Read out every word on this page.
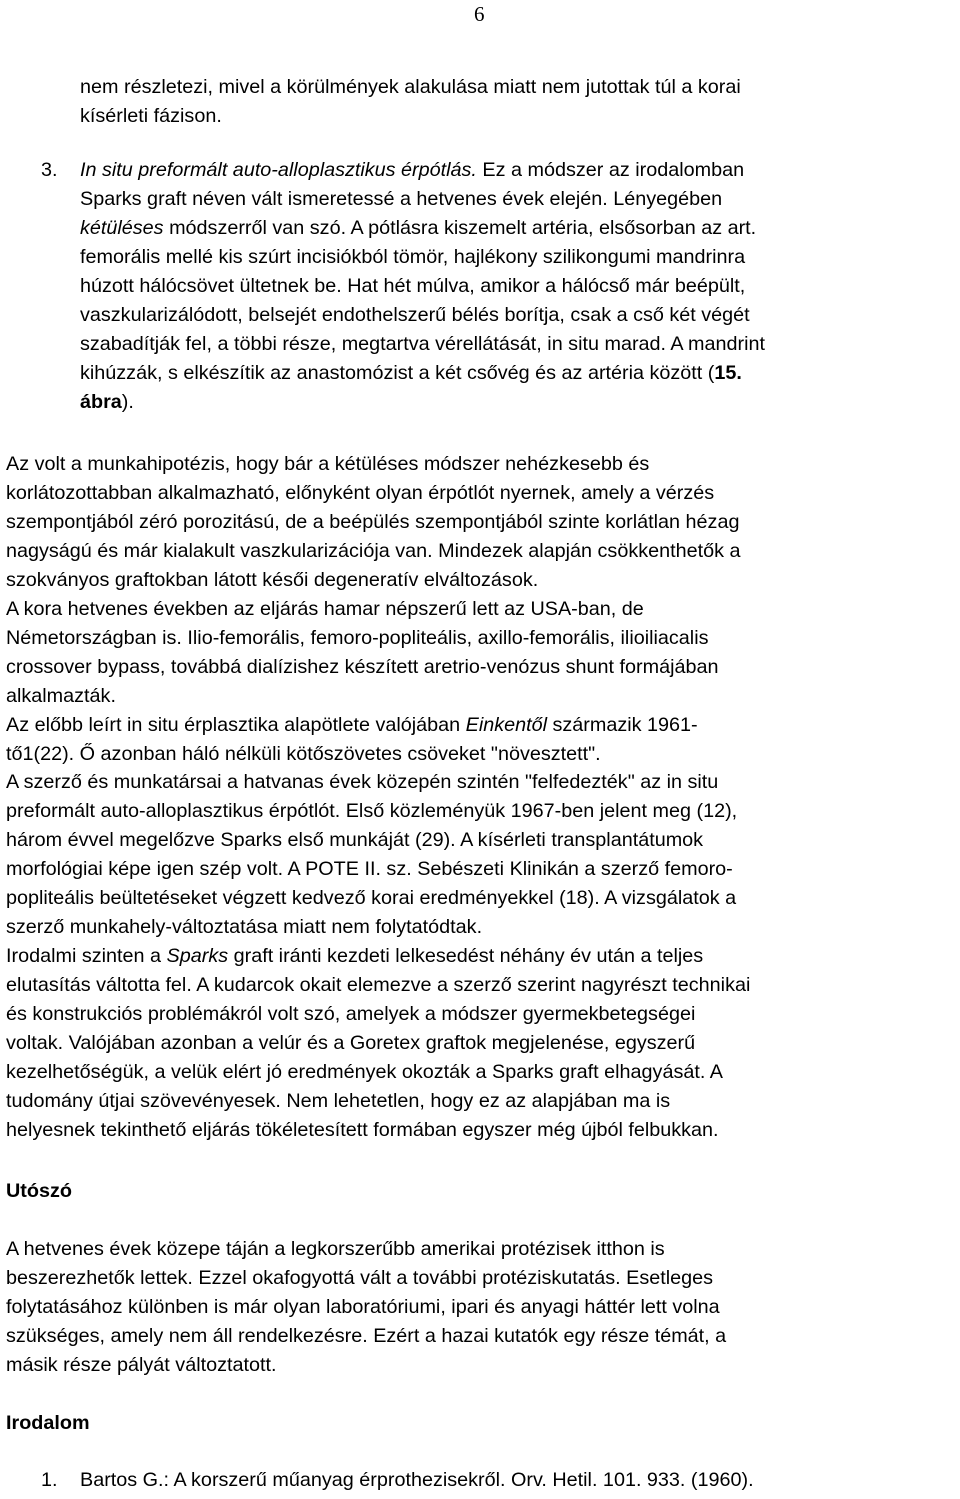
6
nem részletezi, mivel a körülmények alakulása miatt nem jutottak túl a korai
kísérleti fázison.
3. In situ preformált auto-alloplasztikus érpótlás. Ez a módszer az irodalomban
Sparks graft néven vált ismeretessé a hetvenes évek elején. Lényegében
kétüléses módszerről van szó. A pótlásra kiszemelt artéria, elsősorban az art.
femorális mellé kis szúrt incisiókból tömör, hajlékony szilikongumi mandrinra
húzott hálócsövet ültetnek be. Hat hét múlva, amikor a hálócső már beépült,
vaszkularizálódott, belsejét endothelszerű bélés borítja, csak a cső két végét
szabadítják fel, a többi része, megtartva vérellátását, in situ marad. A mandrint
kihúzzák, s elkészítik az anastomózist a két csővég és az artéria között (15.
ábra).
Az volt a munkahipotézis, hogy bár a kétüléses módszer nehézkesebb és
korlátozottabban alkalmazható, előnyként olyan érpótlót nyernek, amely a vérzés
szempontjából zéró porozitású, de a beépülés szempontjából szinte korlátlan hézag
nagyságú és már kialakult vaszkularizációja van. Mindezek alapján csökkenthetők a
szokványos graftokban látott késői degeneratív elváltozások.
A kora hetvenes években az eljárás hamar népszerű lett az USA-ban, de
Németországban is. Ilio-femorális, femoro-popliteális, axillo-femorális, ilioiliacalis
crossover bypass, továbbá dialízishez készített aretrio-venózus shunt formájában
alkalmazták.
Az előbb leírt in situ érplasztika alapötlete valójában Einkentől származik 1961-
tő1(22). Ő azonban háló nélküli kötőszövetes csöveket "növesztett".
A szerző és munkatársai a hatvanas évek közepén szintén "felfedezték" az in situ
preformált auto-alloplasztikus érpótlót. Első közleményük 1967-ben jelent meg (12),
három évvel megelőzve Sparks első munkáját (29). A kísérleti transplantátumok
morfológiai képe igen szép volt. A POTE II. sz. Sebészeti Klinikán a szerző femoro-
popliteális beültetéseket végzett kedvező korai eredményekkel (18). A vizsgálatok a
szerző munkahely-változtatása miatt nem folytatódtak.
Irodalmi szinten a Sparks graft iránti kezdeti lelkesedést néhány év után a teljes
elutasítás váltotta fel. A kudarcok okait elemezve a szerző szerint nagyrészt technikai
és konstrukciós problémákról volt szó, amelyek a módszer gyermekbetegségei
voltak. Valójában azonban a velúr és a Goretex graftok megjelenése, egyszerű
kezelhetőségük, a velük elért jó eredmények okozták a Sparks graft elhagyását. A
tudomány útjai szövevényesek. Nem lehetetlen, hogy ez az alapjában ma is
helyesnek tekinthető eljárás tökéletesített formában egyszer még újból felbukkan.
Utószó
A hetvenes évek közepe táján a legkorszerűbb amerikai protézisek itthon is
beszerezhetők lettek. Ezzel okafogyottá vált a további protéziskutatás. Esetleges
folytatásához különben is már olyan laboratóriumi, ipari és anyagi háttér lett volna
szükséges, amely nem áll rendelkezésre. Ezért a hazai kutatók egy része témát, a
másik része pályát változtatott.
Irodalom
1. Bartos G.: A korszerű műanyag érprothezisekről. Orv. Hetil. 101. 933. (1960).
